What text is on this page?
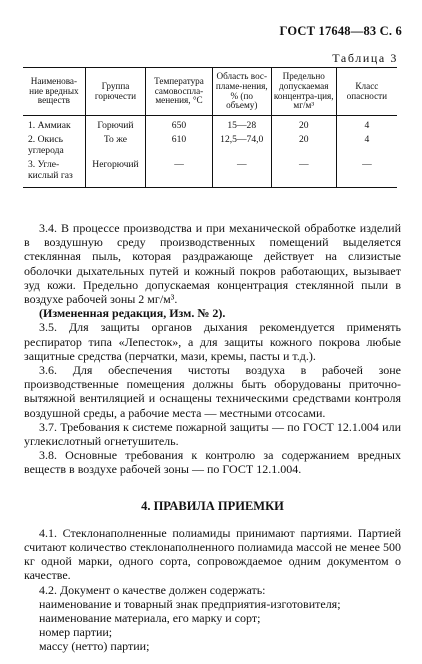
ГОСТ 17648—83 С. 6
Таблица 3
Наименова-ние вредных веществ	Группа горючести	Температура самовоспла-менения, °С	Область вос-пламе-нения, % (по объему)	Предельно допускаемая концентра-ция, мг/м³	Класс опасности
1. Аммиак	Горючий	650	15—28	20	4
2. Окись углерода	То же	610	12,5—74,0	20	4
3. Угле-кислый газ	Негорючий	—	—	—	—

3.4. В процессе производства и при механической обработке изделий в воздушную среду производственных помещений выделяется стеклянная пыль, которая раздражающе действует на слизистые оболочки дыхательных путей и кожный покров работающих, вызывает зуд кожи. Предельно допускаемая концентрация стеклянной пыли в воздухе рабочей зоны 2 мг/м³.

(Измененная редакция, Изм. № 2).

3.5. Для защиты органов дыхания рекомендуется применять респиратор типа «Лепесток», а для защиты кожного покрова любые защитные средства (перчатки, мази, кремы, пасты и т.д.).

3.6. Для обеспечения чистоты воздуха в рабочей зоне производственные помещения должны быть оборудованы приточно-вытяжной вентиляцией и оснащены техническими средствами контроля воздушной среды, а рабочие места — местными отсосами.

3.7. Требования к системе пожарной защиты — по ГОСТ 12.1.004 или углекислотный огнетушитель.

3.8. Основные требования к контролю за содержанием вредных веществ в воздухе рабочей зоны — по ГОСТ 12.1.004.

4. ПРАВИЛА ПРИЕМКИ

4.1. Стеклонаполненные полиамиды принимают партиями. Партией считают количество стеклонаполненного полиамида массой не менее 500 кг одной марки, одного сорта, сопровождаемое одним документом о качестве.

4.2. Документ о качестве должен содержать:

наименование и товарный знак предприятия-изготовителя;

наименование материала, его марку и сорт;

номер партии;

массу (нетто) партии;
